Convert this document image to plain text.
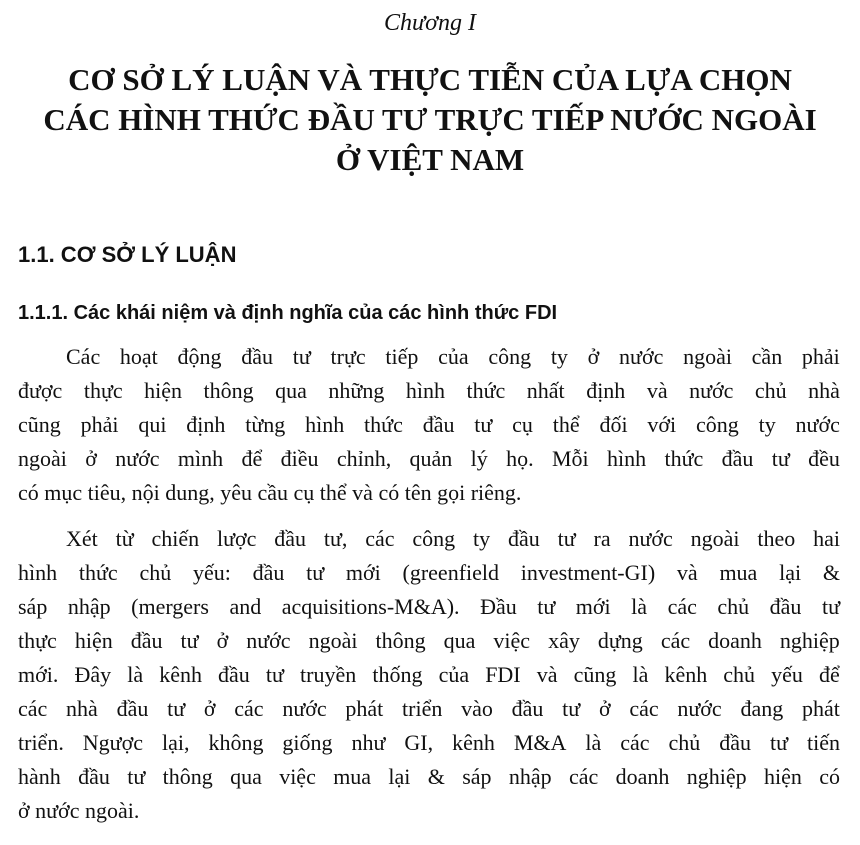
Chương I
CƠ SỞ LÝ LUẬN VÀ THỰC TIỄN CỦA LỰA CHỌN
CÁC HÌNH THỨC ĐẦU TƯ TRỰC TIẾP NƯỚC NGOÀI
Ở VIỆT NAM
1.1. CƠ SỞ LÝ LUẬN
1.1.1. Các khái niệm và định nghĩa của các hình thức FDI
Các hoạt động đầu tư trực tiếp của công ty ở nước ngoài cần phải
được thực hiện thông qua những hình thức nhất định và nước chủ nhà
cũng phải qui định từng hình thức đầu tư cụ thể đối với công ty nước
ngoài ở nước mình để điều chỉnh, quản lý họ. Mỗi hình thức đầu tư đều
có mục tiêu, nội dung, yêu cầu cụ thể và có tên gọi riêng.
Xét từ chiến lược đầu tư, các công ty đầu tư ra nước ngoài theo hai
hình thức chủ yếu: đầu tư mới (greenfield investment-GI) và mua lại &
sáp nhập (mergers and acquisitions-M&A). Đầu tư mới là các chủ đầu tư
thực hiện đầu tư ở nước ngoài thông qua việc xây dựng các doanh nghiệp
mới. Đây là kênh đầu tư truyền thống của FDI và cũng là kênh chủ yếu để
các nhà đầu tư ở các nước phát triển vào đầu tư ở các nước đang phát
triển. Ngược lại, không giống như GI, kênh M&A là các chủ đầu tư tiến
hành đầu tư thông qua việc mua lại & sáp nhập các doanh nghiệp hiện có
ở nước ngoài.
